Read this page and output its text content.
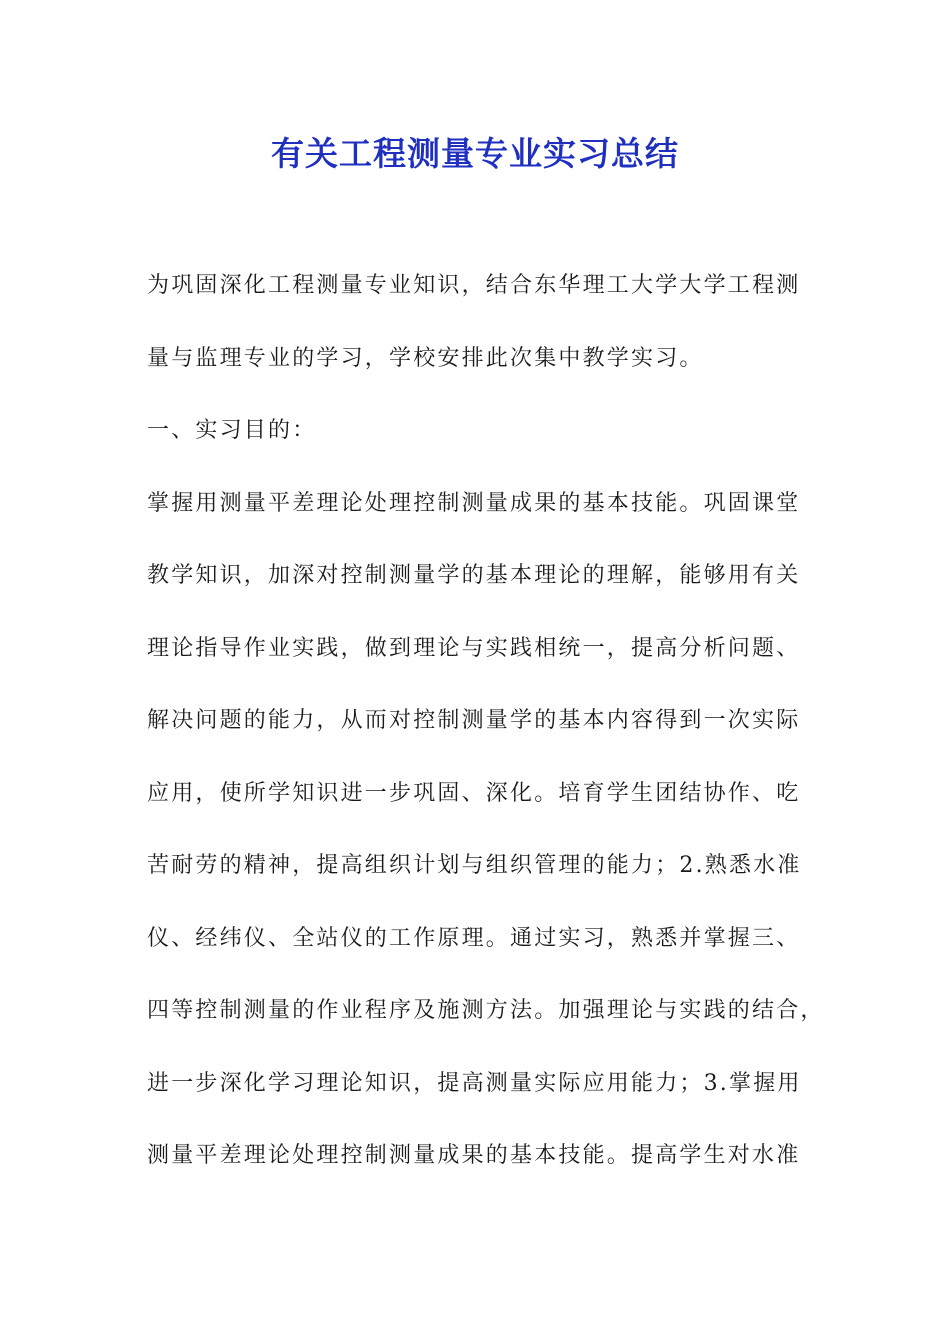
有关工程测量专业实习总结
为巩固深化工程测量专业知识，结合东华理工大学大学工程测
量与监理专业的学习，学校安排此次集中教学实习。
一、实习目的：
掌握用测量平差理论处理控制测量成果的基本技能。巩固课堂
教学知识，加深对控制测量学的基本理论的理解，能够用有关
理论指导作业实践，做到理论与实践相统一，提高分析问题、
解决问题的能力，从而对控制测量学的基本内容得到一次实际
应用，使所学知识进一步巩固、深化。培育学生团结协作、吃
苦耐劳的精神，提高组织计划与组织管理的能力；2.熟悉水准
仪、经纬仪、全站仪的工作原理。通过实习，熟悉并掌握三、
四等控制测量的作业程序及施测方法。加强理论与实践的结合，
进一步深化学习理论知识，提高测量实际应用能力；3.掌握用
测量平差理论处理控制测量成果的基本技能。提高学生对水准
